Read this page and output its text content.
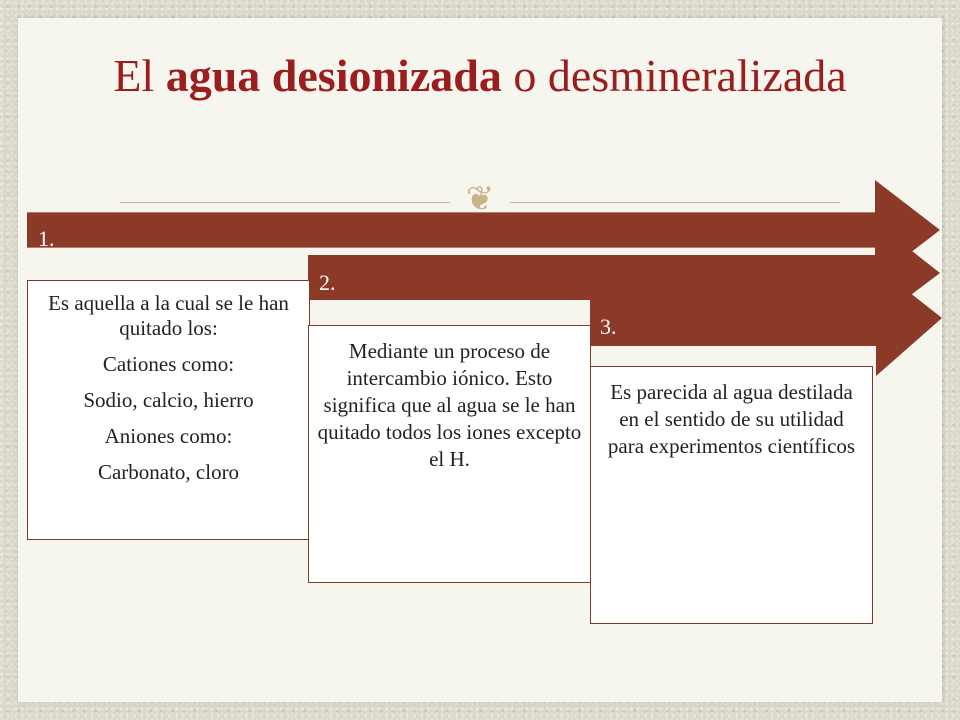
El agua desionizada o desmineralizada
❦
1.
2.
3.

Es aquella a la cual se le han quitado los:

Cationes como:

Sodio, calcio, hierro

Aniones como:

Carbonato, cloro

Mediante un proceso de intercambio iónico. Esto significa que al agua se le han quitado todos los iones excepto el H.

Es parecida al agua destilada en el sentido de su utilidad para experimentos científicos
